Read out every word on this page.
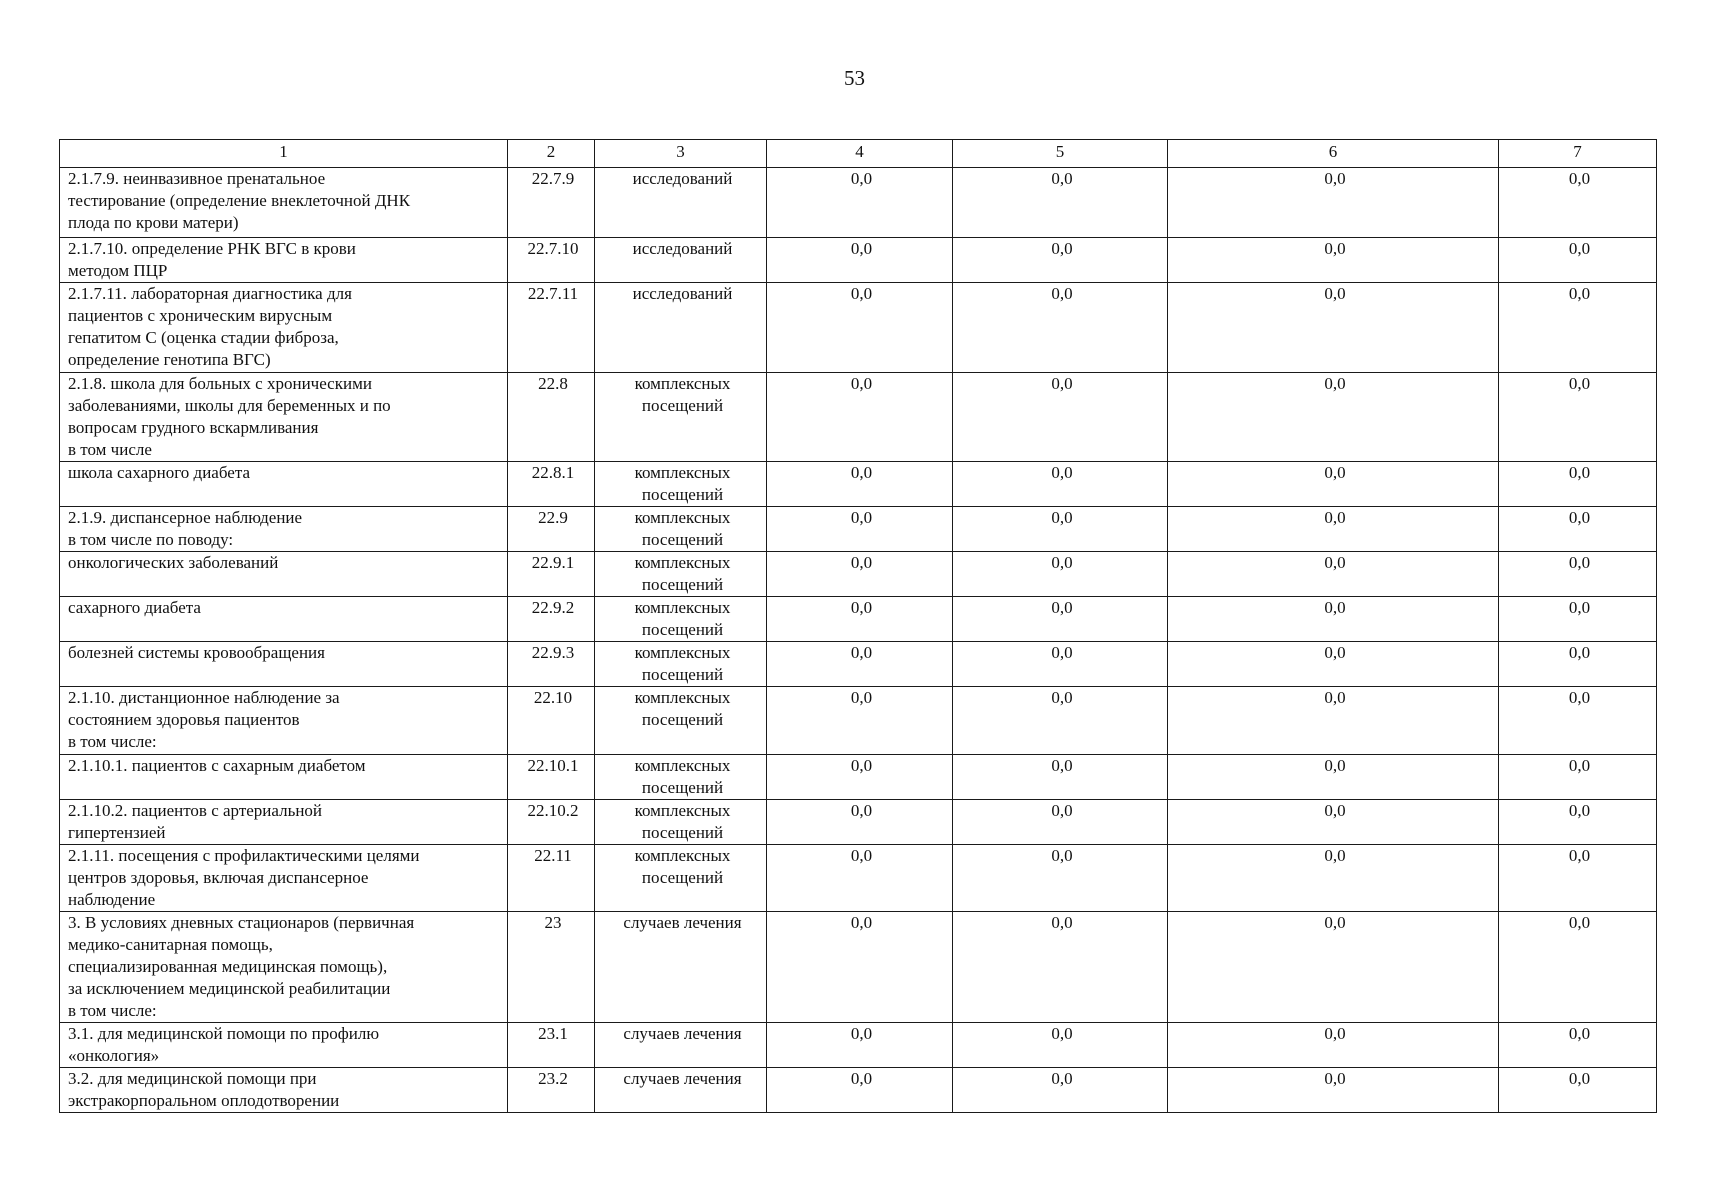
53
1	2	3	4	5	6	7

2.1.7.9. неинвазивное пренатальное
тестирование (определение внеклеточной ДНК
плода по крови матери)	22.7.9	исследований	0,0	0,0	0,0	0,0

2.1.7.10. определение РНК ВГС в крови
методом ПЦР	22.7.10	исследований	0,0	0,0	0,0	0,0

2.1.7.11. лабораторная диагностика для
пациентов с хроническим вирусным
гепатитом С (оценка стадии фиброза,
определение генотипа ВГС)	22.7.11	исследований	0,0	0,0	0,0	0,0

2.1.8. школа для больных с хроническими
заболеваниями, школы для беременных и по
вопросам грудного вскармливания
в том числе	22.8	комплексных посещений	0,0	0,0	0,0	0,0

школа сахарного диабета	22.8.1	комплексных посещений	0,0	0,0	0,0	0,0

2.1.9. диспансерное наблюдение
в том числе по поводу:	22.9	комплексных посещений	0,0	0,0	0,0	0,0

онкологических заболеваний	22.9.1	комплексных посещений	0,0	0,0	0,0	0,0

сахарного диабета	22.9.2	комплексных посещений	0,0	0,0	0,0	0,0

болезней системы кровообращения	22.9.3	комплексных посещений	0,0	0,0	0,0	0,0

2.1.10. дистанционное наблюдение за
состоянием здоровья пациентов
в том числе:	22.10	комплексных посещений	0,0	0,0	0,0	0,0

2.1.10.1. пациентов с сахарным диабетом	22.10.1	комплексных посещений	0,0	0,0	0,0	0,0

2.1.10.2. пациентов с артериальной
гипертензией	22.10.2	комплексных посещений	0,0	0,0	0,0	0,0

2.1.11. посещения с профилактическими целями
центров здоровья, включая диспансерное
наблюдение	22.11	комплексных посещений	0,0	0,0	0,0	0,0

3. В условиях дневных стационаров (первичная
медико-санитарная помощь,
специализированная медицинская помощь),
за исключением медицинской реабилитации
в том числе:	23	случаев лечения	0,0	0,0	0,0	0,0

3.1. для медицинской помощи по профилю
«онкология»	23.1	случаев лечения	0,0	0,0	0,0	0,0

3.2. для медицинской помощи при
экстракорпоральном оплодотворении	23.2	случаев лечения	0,0	0,0	0,0	0,0
